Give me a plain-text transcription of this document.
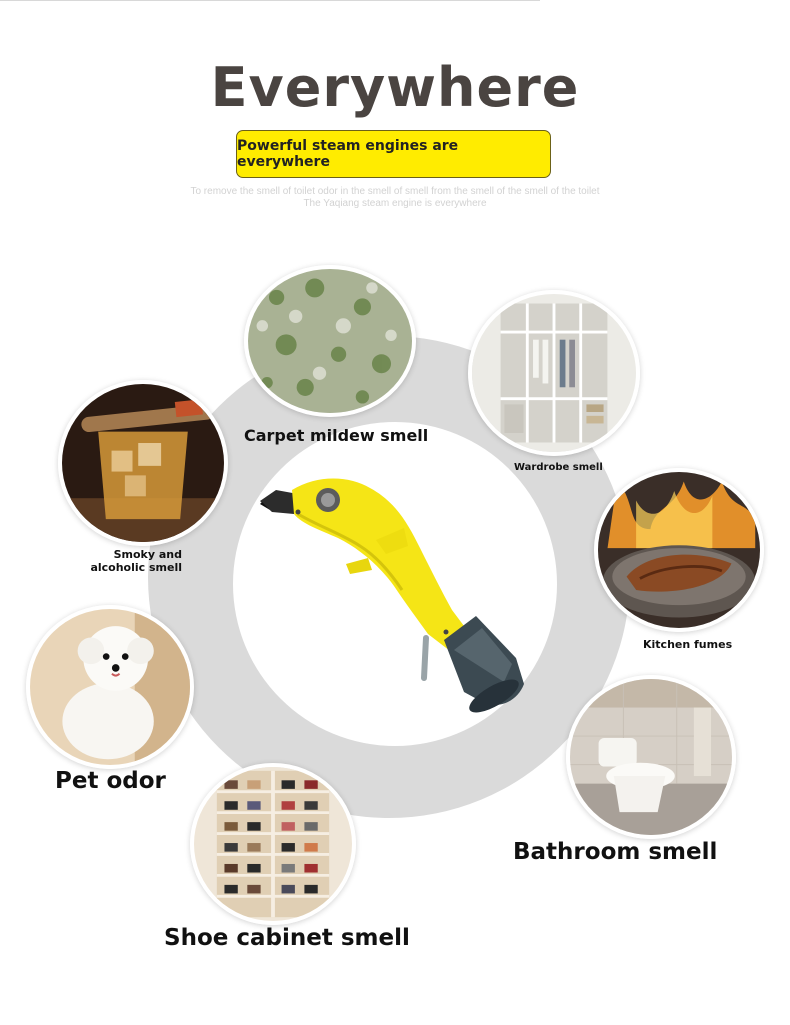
Everywhere
Powerful steam engines are everywhere
To remove the smell of toilet odor in the smell of smell from the smell of the smell of the toilet
The Yaqiang steam engine is everywhere
Carpet mildew smell
Wardrobe smell
Smoky and alcoholic smell
Kitchen fumes
Pet odor
Bathroom smell
Shoe cabinet smell
